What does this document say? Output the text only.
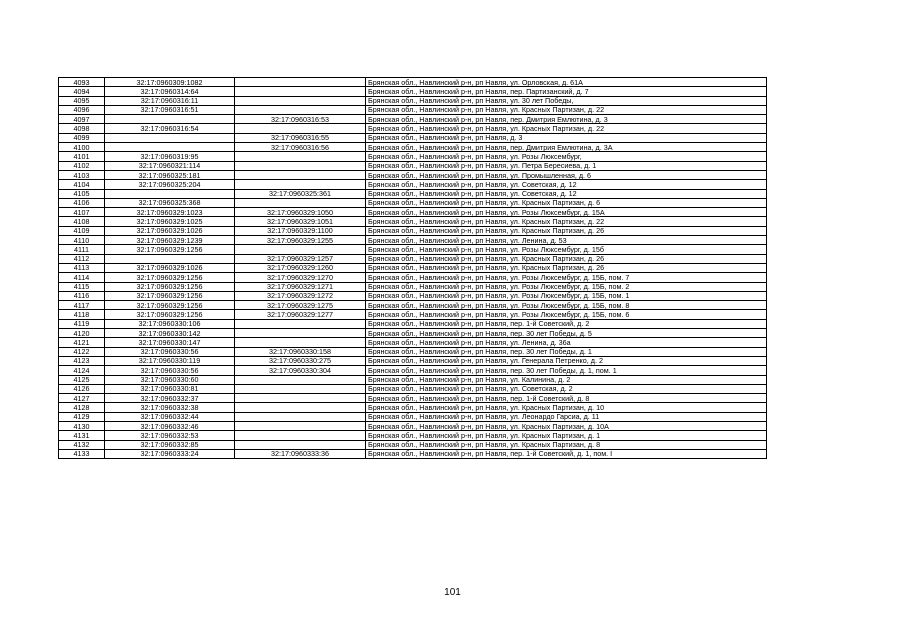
4093	32:17:0960309:1082		Брянская обл., Навлинский р-н, рп Навля, ул. Орловская, д. 61А
4094	32:17:0960314:64		Брянская обл., Навлинский р-н, рп Навля, пер. Партизанский, д. 7
4095	32:17:0960316:11		Брянская обл., Навлинский р-н, рп Навля, ул. 30 лет Победы,
4096	32:17:0960316:51		Брянская обл., Навлинский р-н, рп Навля, ул. Красных Партизан, д. 22
4097		32:17:0960316:53	Брянская обл., Навлинский р-н, рп Навля, пер. Дмитрия Емлютина, д. 3
4098	32:17:0960316:54		Брянская обл., Навлинский р-н, рп Навля, ул. Красных Партизан, д. 22
4099		32:17:0960316:55	Брянская обл., Навлинский р-н, рп Навля, д. 3
4100		32:17:0960316:56	Брянская обл., Навлинский р-н, рп Навля, пер. Дмитрия Емлютина, д. 3А
4101	32:17:0960319:95		Брянская обл., Навлинский р-н, рп Навля, ул. Розы Люксембург,
4102	32:17:0960321:114		Брянская обл., Навлинский р-н, рп Навля, ул. Петра Бересиева, д. 1
4103	32:17:0960325:181		Брянская обл., Навлинский р-н, рп Навля, ул. Промышленная, д. 6
4104	32:17:0960325:204		Брянская обл., Навлинский р-н, рп Навля, ул. Советская, д. 12
4105		32:17:0960325:361	Брянская обл., Навлинский р-н, рп Навля, ул. Советская, д. 12
4106	32:17:0960325:368		Брянская обл., Навлинский р-н, рп Навля, ул. Красных Партизан, д. 6
4107	32:17:0960329:1023	32:17:0960329:1050	Брянская обл., Навлинский р-н, рп Навля, ул. Розы Люксембург, д. 15А
4108	32:17:0960329:1025	32:17:0960329:1051	Брянская обл., Навлинский р-н, рп Навля, ул. Красных Партизан, д. 22
4109	32:17:0960329:1026	32:17:0960329:1100	Брянская обл., Навлинский р-н, рп Навля, ул. Красных Партизан, д. 26
4110	32:17:0960329:1239	32:17:0960329:1255	Брянская обл., Навлинский р-н, рп Навля, ул. Ленина, д. 53
4111	32:17:0960329:1256		Брянская обл., Навлинский р-н, рп Навля, ул. Розы Люксембург, д. 15б
4112		32:17:0960329:1257	Брянская обл., Навлинский р-н, рп Навля, ул. Красных Партизан, д. 26
4113	32:17:0960329:1026	32:17:0960329:1260	Брянская обл., Навлинский р-н, рп Навля, ул. Красных Партизан, д. 26
4114	32:17:0960329:1256	32:17:0960329:1270	Брянская обл., Навлинский р-н, рп Навля, ул. Розы Люксембург, д. 15Б, пом. 7
4115	32:17:0960329:1256	32:17:0960329:1271	Брянская обл., Навлинский р-н, рп Навля, ул. Розы Люксембург, д. 15Б, пом. 2
4116	32:17:0960329:1256	32:17:0960329:1272	Брянская обл., Навлинский р-н, рп Навля, ул. Розы Люксембург, д. 15Б, пом. 1
4117	32:17:0960329:1256	32:17:0960329:1275	Брянская обл., Навлинский р-н, рп Навля, ул. Розы Люксембург, д. 15Б, пом. 8
4118	32:17:0960329:1256	32:17:0960329:1277	Брянская обл., Навлинский р-н, рп Навля, ул. Розы Люксембург, д. 15Б, пом. 6
4119	32:17:0960330:106		Брянская обл., Навлинский р-н, рп Навля, пер. 1-й Советский, д. 2
4120	32:17:0960330:142		Брянская обл., Навлинский р-н, рп Навля, пер. 30 лет Победы, д. 5
4121	32:17:0960330:147		Брянская обл., Навлинский р-н, рп Навля, ул. Ленина, д. 36а
4122	32:17:0960330:56	32:17:0960330:158	Брянская обл., Навлинский р-н, рп Навля, пер. 30 лет Победы, д. 1
4123	32:17:0960330:119	32:17:0960330:275	Брянская обл., Навлинский р-н, рп Навля, ул. Генерала Петренко, д. 2
4124	32:17:0960330:56	32:17:0960330:304	Брянская обл., Навлинский р-н, рп Навля, пер. 30 лет Победы, д. 1, пом. 1
4125	32:17:0960330:60		Брянская обл., Навлинский р-н, рп Навля, ул. Калинина, д. 2
4126	32:17:0960330:81		Брянская обл., Навлинский р-н, рп Навля, ул. Советская, д. 2
4127	32:17:0960332:37		Брянская обл., Навлинский р-н, рп Навля, пер. 1-й Советский, д. 8
4128	32:17:0960332:38		Брянская обл., Навлинский р-н, рп Навля, ул. Красных Партизан, д. 10
4129	32:17:0960332:44		Брянская обл., Навлинский р-н, рп Навля, ул. Леонардо Гарсиа, д. 11
4130	32:17:0960332:46		Брянская обл., Навлинский р-н, рп Навля, ул. Красных Партизан, д. 10А
4131	32:17:0960332:53		Брянская обл., Навлинский р-н, рп Навля, ул. Красных Партизан, д. 1
4132	32:17:0960332:85		Брянская обл., Навлинский р-н, рп Навля, ул. Красных Партизан, д. 8
4133	32:17:0960333:24	32:17:0960333:36	Брянская обл., Навлинский р-н, рп Навля, пер. 1-й Советский, д. 1, пом. I
101
